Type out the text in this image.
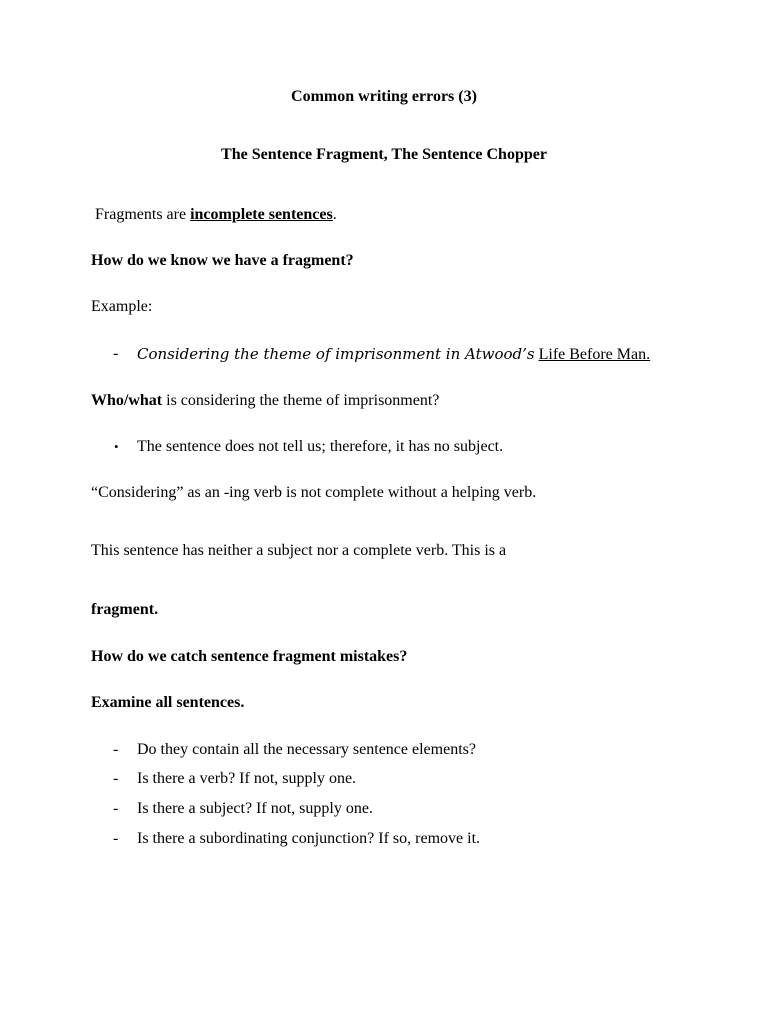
Common writing errors (3)
The Sentence Fragment, The Sentence Chopper
Fragments are incomplete sentences.
How do we know we have a fragment?
Example:
- Considering the theme of imprisonment in Atwood’s Life Before Man.
Who/what is considering the theme of imprisonment?
• The sentence does not tell us; therefore, it has no subject.
“Considering” as an -ing verb is not complete without a helping verb.
This sentence has neither a subject nor a complete verb. This is a
fragment.
How do we catch sentence fragment mistakes?
Examine all sentences.
- Do they contain all the necessary sentence elements?
- Is there a verb? If not, supply one.
- Is there a subject? If not, supply one.
- Is there a subordinating conjunction? If so, remove it.
